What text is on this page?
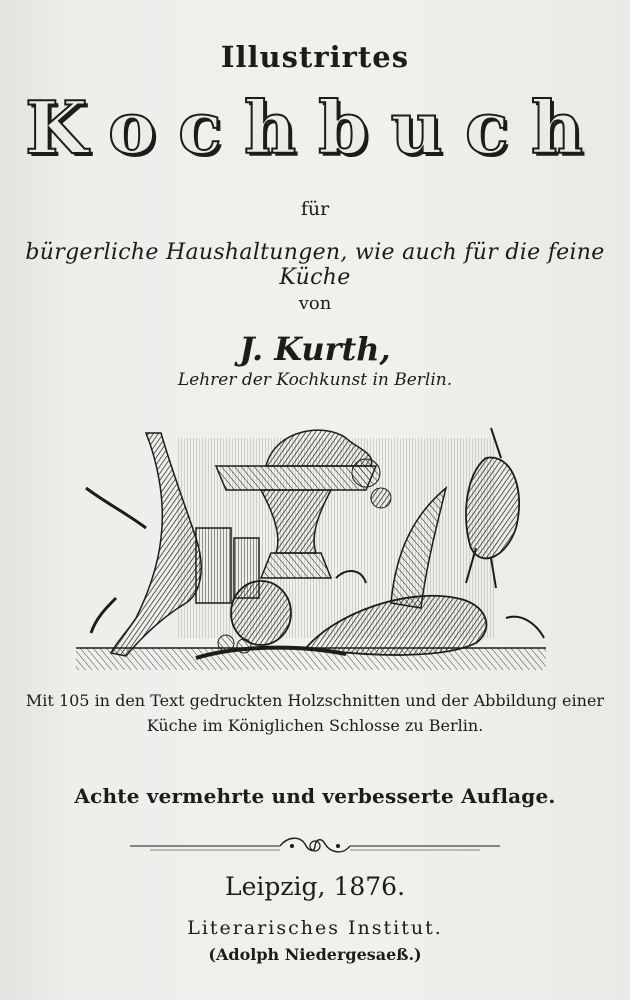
Illustrirtes
Kochbuch
für
bürgerliche Haushaltungen, wie auch für die feine Küche
von
J. Kurth,
Lehrer der Kochkunst in Berlin.
Mit 105 in den Text gedruckten Holzschnitten und der Abbildung einer
Küche im Königlichen Schlosse zu Berlin.
Achte vermehrte und verbesserte Auflage.
Leipzig, 1876.
Literarisches Institut.
(Adolph Niedergesaeß.)
